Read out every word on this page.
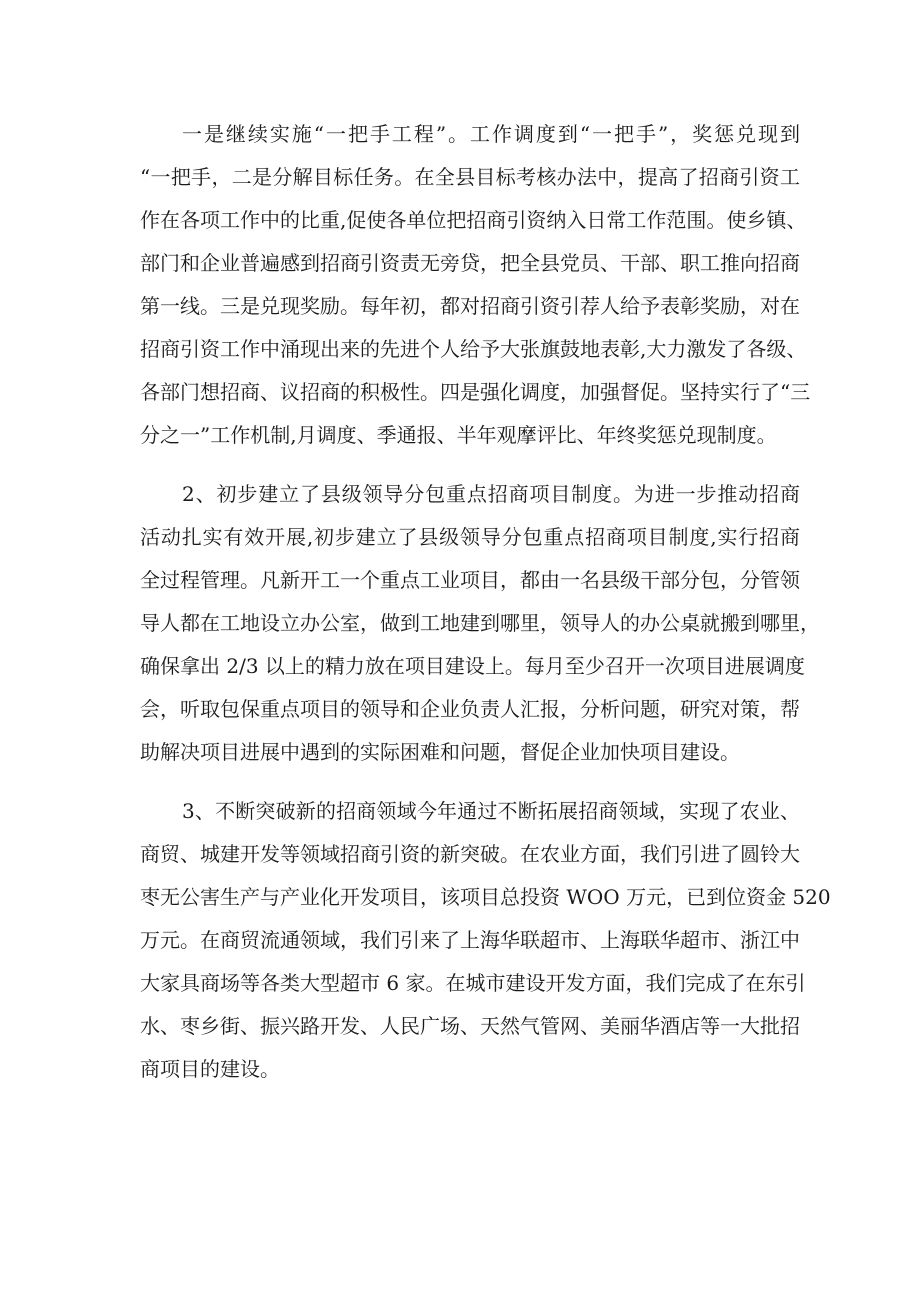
一是继续实施“一把手工程”。工作调度到“一把手”，奖惩兑现到
“一把手，二是分解目标任务。在全县目标考核办法中，提高了招商引资工
作在各项工作中的比重,促使各单位把招商引资纳入日常工作范围。使乡镇、
部门和企业普遍感到招商引资责无旁贷，把全县党员、干部、职工推向招商
第一线。三是兑现奖励。每年初，都对招商引资引荐人给予表彰奖励，对在
招商引资工作中涌现出来的先进个人给予大张旗鼓地表彰,大力激发了各级、
各部门想招商、议招商的积极性。四是强化调度，加强督促。坚持实行了“三
分之一”工作机制,月调度、季通报、半年观摩评比、年终奖惩兑现制度。
2、初步建立了县级领导分包重点招商项目制度。为进一步推动招商
活动扎实有效开展,初步建立了县级领导分包重点招商项目制度,实行招商
全过程管理。凡新开工一个重点工业项目，都由一名县级干部分包，分管领
导人都在工地设立办公室，做到工地建到哪里，领导人的办公桌就搬到哪里，
确保拿出 2/3 以上的精力放在项目建设上。每月至少召开一次项目进展调度
会，听取包保重点项目的领导和企业负责人汇报，分析问题，研究对策，帮
助解决项目进展中遇到的实际困难和问题，督促企业加快项目建设。
3、不断突破新的招商领域今年通过不断拓展招商领域，实现了农业、
商贸、城建开发等领域招商引资的新突破。在农业方面，我们引进了圆铃大
枣无公害生产与产业化开发项目，该项目总投资 WOO 万元，已到位资金 520
万元。在商贸流通领域，我们引来了上海华联超市、上海联华超市、浙江中
大家具商场等各类大型超市 6 家。在城市建设开发方面，我们完成了在东引
水、枣乡街、振兴路开发、人民广场、天然气管网、美丽华酒店等一大批招
商项目的建设。
